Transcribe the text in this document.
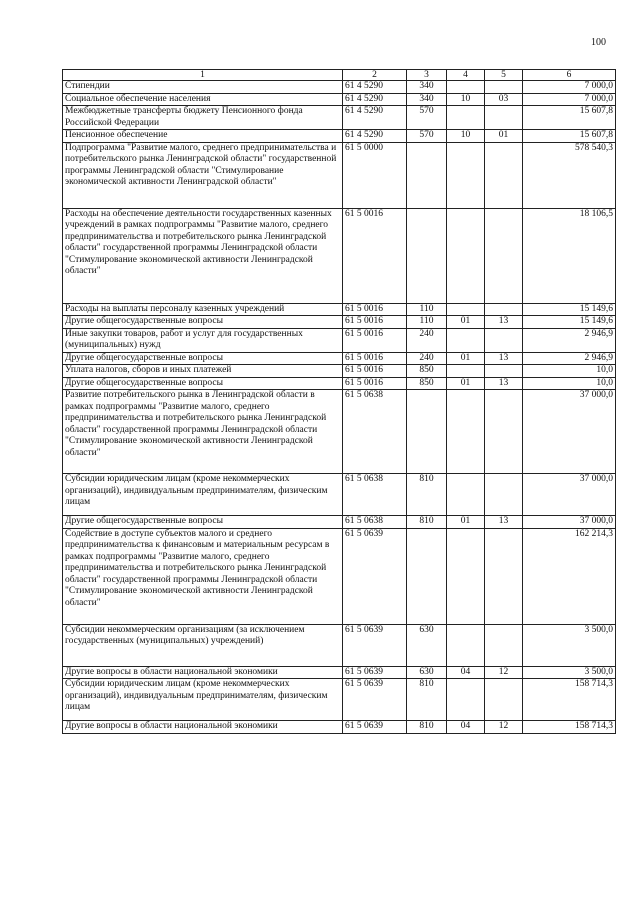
100
1	2	3	4	5	6
Стипендии	61 4 5290	340			7 000,0
Социальное обеспечение населения	61 4 5290	340	10	03	7 000,0
Межбюджетные трансферты бюджету Пенсионного фонда Российской Федерации	61 4 5290	570			15 607,8
Пенсионное обеспечение	61 4 5290	570	10	01	15 607,8
Подпрограмма "Развитие малого, среднего предпринимательства и потребительского рынка Ленинградской области" государственной программы Ленинградской области "Стимулирование экономической активности Ленинградской области"	61 5 0000				578 540,3
Расходы на обеспечение деятельности государственных казенных учреждений в рамках подпрограммы "Развитие малого, среднего предпринимательства и потребительского рынка Ленинградской области" государственной программы Ленинградской области "Стимулирование экономической активности Ленинградской области"	61 5 0016				18 106,5
Расходы на выплаты персоналу казенных учреждений	61 5 0016	110			15 149,6
Другие общегосударственные вопросы	61 5 0016	110	01	13	15 149,6
Иные закупки товаров, работ и услуг для государственных (муниципальных) нужд	61 5 0016	240			2 946,9
Другие общегосударственные вопросы	61 5 0016	240	01	13	2 946,9
Уплата налогов, сборов и иных платежей	61 5 0016	850			10,0
Другие общегосударственные вопросы	61 5 0016	850	01	13	10,0
Развитие потребительского рынка в Ленинградской области в рамках подпрограммы "Развитие малого, среднего предпринимательства и потребительского рынка Ленинградской области" государственной программы Ленинградской области "Стимулирование экономической активности Ленинградской области"	61 5 0638				37 000,0
Субсидии юридическим лицам (кроме некоммерческих организаций), индивидуальным предпринимателям, физическим лицам	61 5 0638	810			37 000,0
Другие общегосударственные вопросы	61 5 0638	810	01	13	37 000,0
Содействие в доступе субъектов малого и среднего предпринимательства к финансовым и материальным ресурсам в рамках подпрограммы "Развитие малого, среднего предпринимательства и потребительского рынка Ленинградской области" государственной программы Ленинградской области "Стимулирование экономической активности Ленинградской области"	61 5 0639				162 214,3
Субсидии некоммерческим организациям (за исключением государственных (муниципальных) учреждений)	61 5 0639	630			3 500,0
Другие вопросы в области национальной экономики	61 5 0639	630	04	12	3 500,0
Субсидии юридическим лицам (кроме некоммерческих организаций), индивидуальным предпринимателям, физическим лицам	61 5 0639	810			158 714,3
Другие вопросы в области национальной экономики	61 5 0639	810	04	12	158 714,3
